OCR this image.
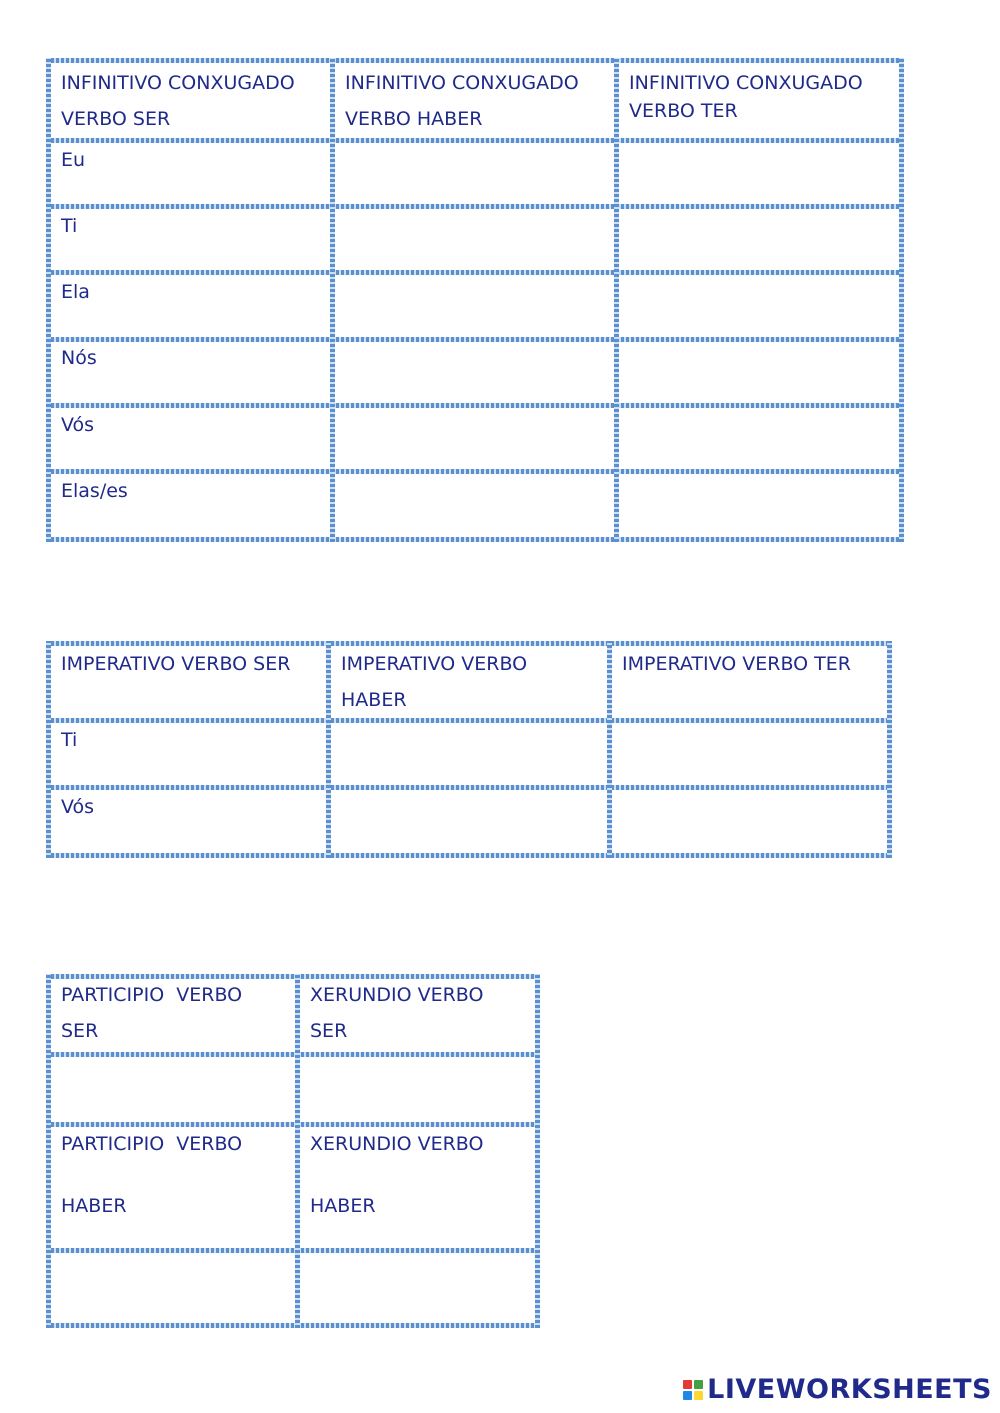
INFINITIVO CONXUGADO
VERBO SER
INFINITIVO CONXUGADO
VERBO HABER
INFINITIVO CONXUGADO
VERBO TER
Eu
Ti
Ela
Nós
Vós
Elas/es
IMPERATIVO VERBO SER	IMPERATIVO VERBO
HABER
IMPERATIVO VERBO TER
Ti
Vós
PARTICIPIO  VERBO
SER
XERUNDIO VERBO
SER
PARTICIPIO  VERBO
HABER
XERUNDIO VERBO
HABER
LIVEWORKSHEETS
